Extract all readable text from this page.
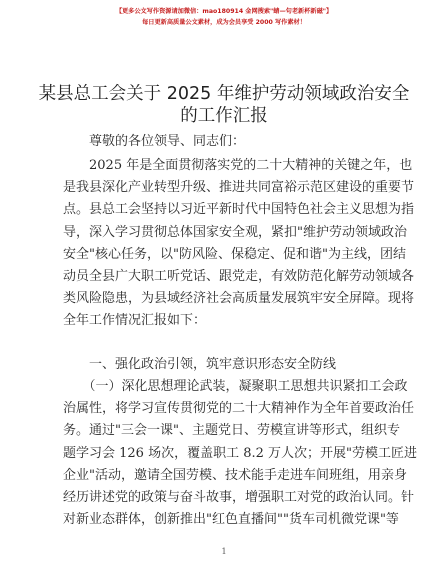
【更多公文写作资源请加微信：mao180914 金网搜索"蜻—句老新杯新磁"】
每日更新高质量公文素材，成为会员享受 2000 写作素材！
某县总工会关于 2025 年维护劳动领域政治安全
的工作汇报
尊敬的各位领导、同志们：
　　2025 年是全面贯彻落实党的二十大精神的关键之年，也
是我县深化产业转型升级、推进共同富裕示范区建设的重要节
点。县总工会坚持以习近平新时代中国特色社会主义思想为指
导，深入学习贯彻总体国家安全观，紧扣"维护劳动领域政治
安全"核心任务，以"防风险、保稳定、促和谐"为主线，团结
动员全县广大职工听党话、跟党走，有效防范化解劳动领域各
类风险隐患，为县域经济社会高质量发展筑牢安全屏障。现将
全年工作情况汇报如下：
一、强化政治引领，筑牢意识形态安全防线
　　（一）深化思想理论武装，凝聚职工思想共识紧扣工会政
治属性，将学习宣传贯彻党的二十大精神作为全年首要政治任
务。通过"三会一课"、主题党日、劳模宣讲等形式，组织专
题学习会 126 场次，覆盖职工 8.2 万人次；开展"劳模工匠进
企业"活动，邀请全国劳模、技术能手走进车间班组，用亲身
经历讲述党的政策与奋斗故事，增强职工对党的政治认同。针
对新业态群体，创新推出"红色直播间""货车司机微党课"等
1
